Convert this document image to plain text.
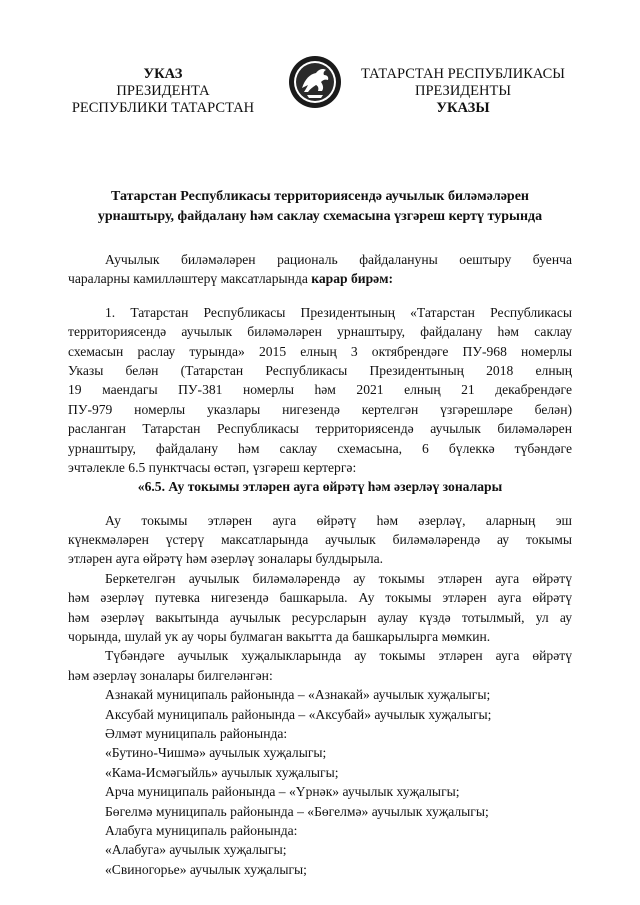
УКАЗ
ПРЕЗИДЕНТА
РЕСПУБЛИКИ ТАТАРСТАН
ТАТАРСТАН РЕСПУБЛИКАСЫ
ПРЕЗИДЕНТЫ
УКАЗЫ
Татарстан Республикасы территориясендә аучылык биләмәләрен
урнаштыру, файдалану һәм саклау схемасына үзгәреш кертү турында
Аучылык биләмәләрен рациональ файдалануны оештыру буенча
чараларны камилләштерү максатларында карар бирәм:
1. Татарстан Республикасы Президентының «Татарстан Республикасы
территориясендә аучылык биләмәләрен урнаштыру, файдалану һәм саклау
схемасын раслау турында» 2015 елның 3 октябрендәге ПУ-968 номерлы
Указы белән (Татарстан Республикасы Президентының 2018 елның
19 маендагы ПУ-381 номерлы һәм 2021 елның 21 декабрендәге
ПУ-979 номерлы указлары нигезендә кертелгән үзгәрешләре белән)
расланган Татарстан Республикасы территориясендә аучылык биләмәләрен
урнаштыру, файдалану һәм саклау схемасына, 6 бүлеккә түбәндәге
эчтәлекле 6.5 пунктчасы өстәп, үзгәреш кертергә:
«6.5. Ау токымы этләрен ауга өйрәтү һәм әзерләү зоналары
Ау токымы этләрен ауга өйрәтү һәм әзерләү, аларның эш
күнекмәләрен үстерү максатларында аучылык биләмәләрендә ау токымы
этләрен ауга өйрәтү һәм әзерләү зоналары булдырыла.
Беркетелгән аучылык биләмәләрендә ау токымы этләрен ауга өйрәтү
һәм әзерләү путевка нигезендә башкарыла. Ау токымы этләрен ауга өйрәтү
һәм әзерләү вакытында аучылык ресурсларын аулау күздә тотылмый, ул ау
чорында, шулай ук ау чоры булмаган вакытта да башкарылырга мөмкин.
Түбәндәге аучылык хуҗалыкларында ау токымы этләрен ауга өйрәтү
һәм әзерләү зоналары билгеләнгән:
Азнакай муниципаль районында – «Азнакай» аучылык хуҗалыгы;
Аксубай муниципаль районында – «Аксубай» аучылык хуҗалыгы;
Әлмәт муниципаль районында:
«Бутино-Чишмә» аучылык хуҗалыгы;
«Кама-Исмәгыйль» аучылык хуҗалыгы;
Арча муниципаль районында – «Үрнәк» аучылык хуҗалыгы;
Бөгелмә муниципаль районында – «Бөгелмә» аучылык хуҗалыгы;
Алабуга муниципаль районында:
«Алабуга» аучылык хуҗалыгы;
«Свиногорье» аучылык хуҗалыгы;
